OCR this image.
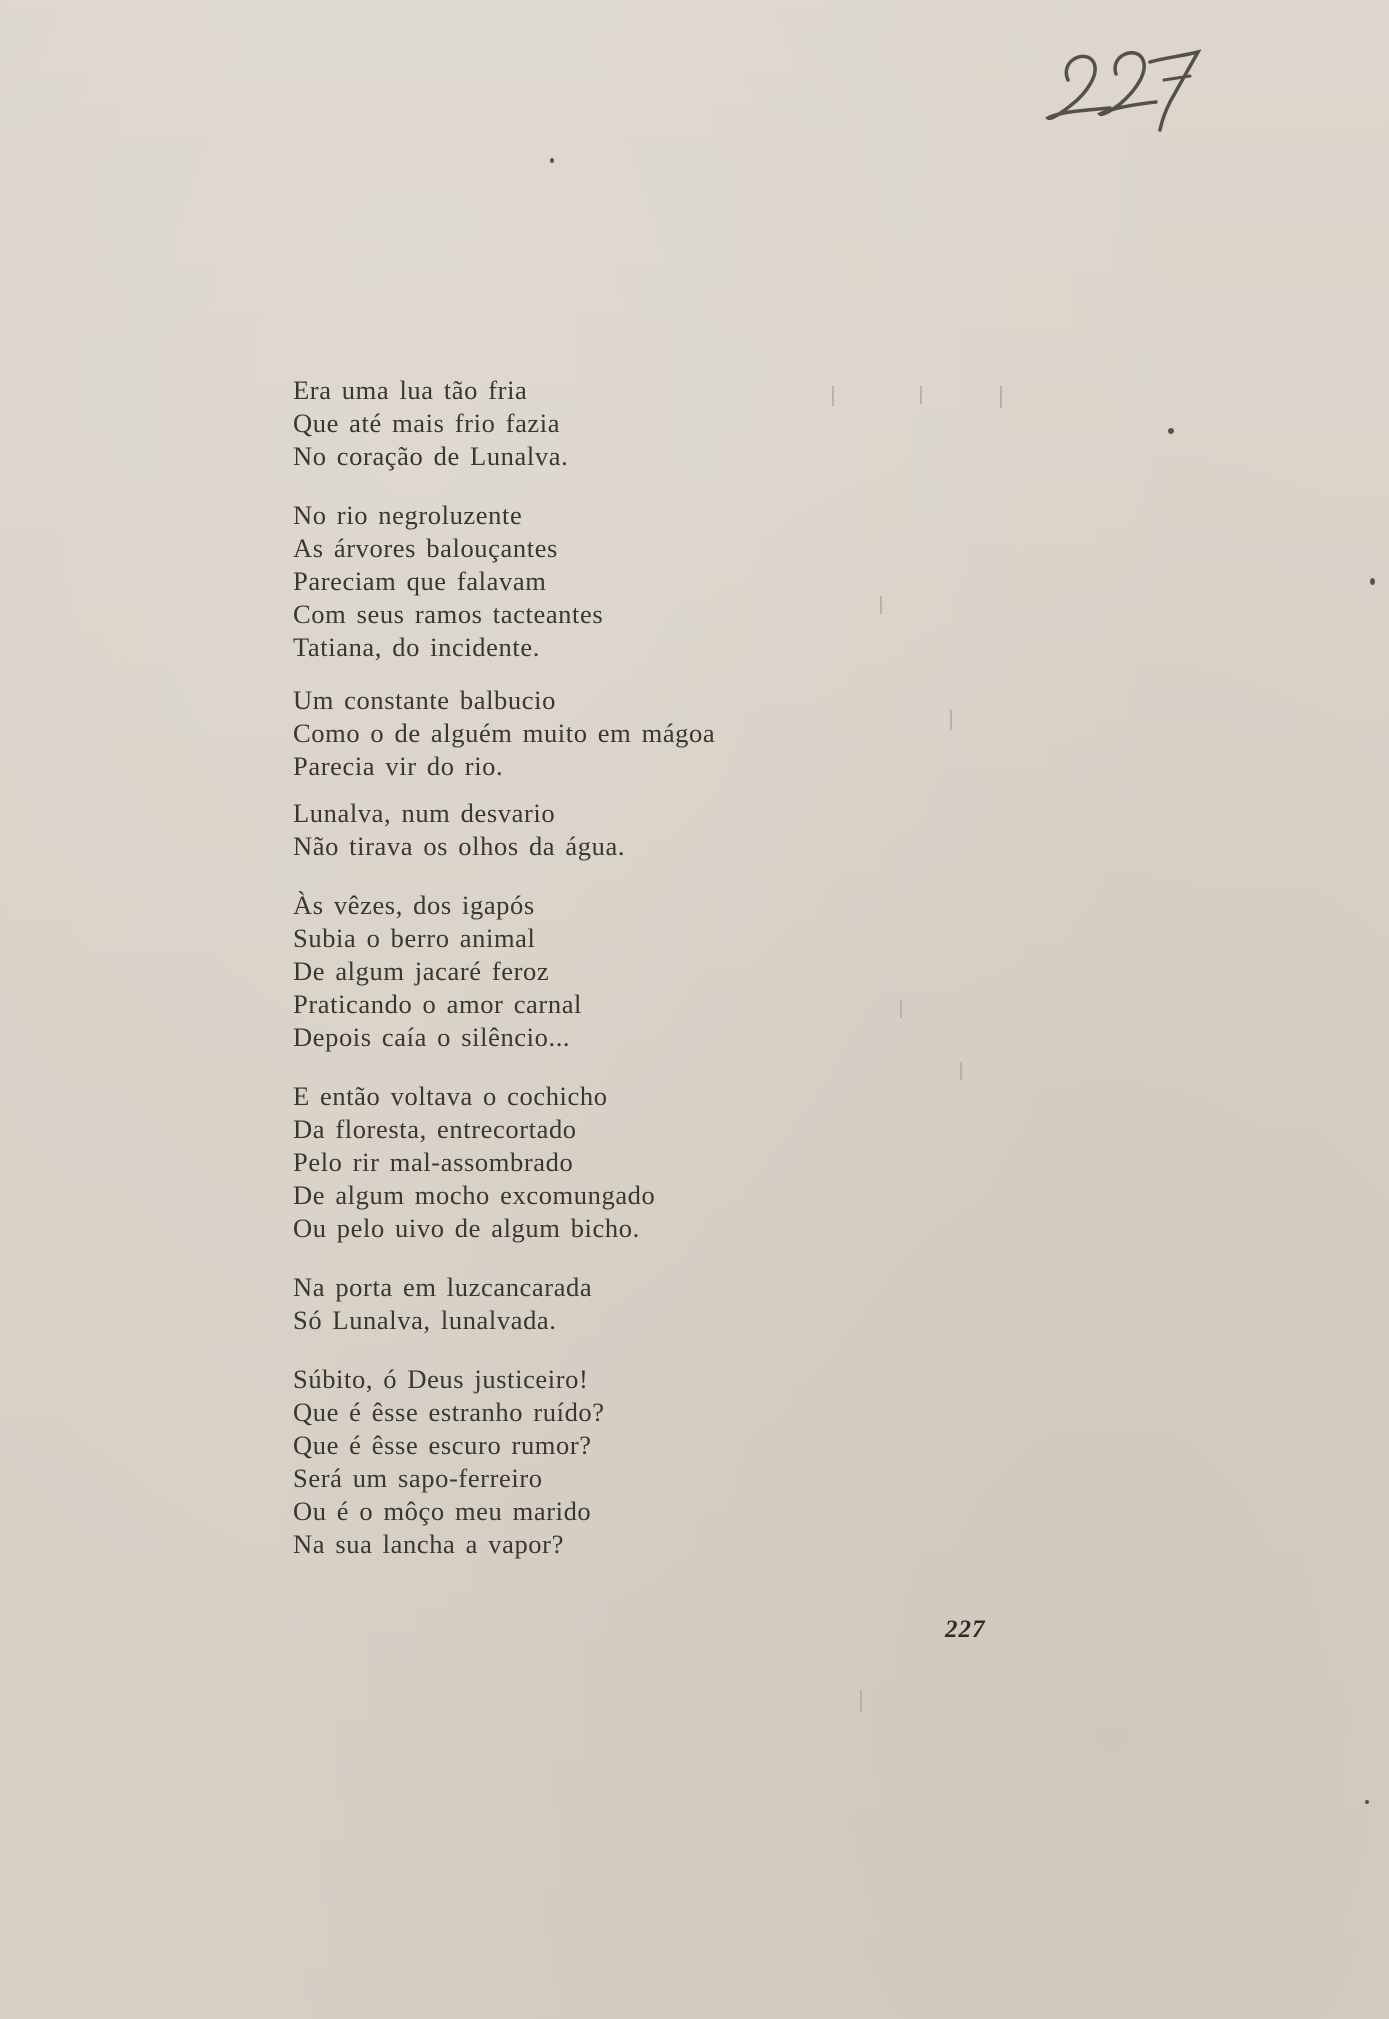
Era uma lua tão fria
Que até mais frio fazia
No coração de Lunalva.
No rio negroluzente
As árvores balouçantes
Pareciam que falavam
Com seus ramos tacteantes
Tatiana, do incidente.
Um constante balbucio
Como o de alguém muito em mágoa
Parecia vir do rio.
Lunalva, num desvario
Não tirava os olhos da água.
Às vêzes, dos igapós
Subia o berro animal
De algum jacaré feroz
Praticando o amor carnal
Depois caía o silêncio...
E então voltava o cochicho
Da floresta, entrecortado
Pelo rir mal-assombrado
De algum mocho excomungado
Ou pelo uivo de algum bicho.
Na porta em luzcancarada
Só Lunalva, lunalvada.
Súbito, ó Deus justiceiro!
Que é êsse estranho ruído?
Que é êsse escuro rumor?
Será um sapo-ferreiro
Ou é o môço meu marido
Na sua lancha a vapor?
227
